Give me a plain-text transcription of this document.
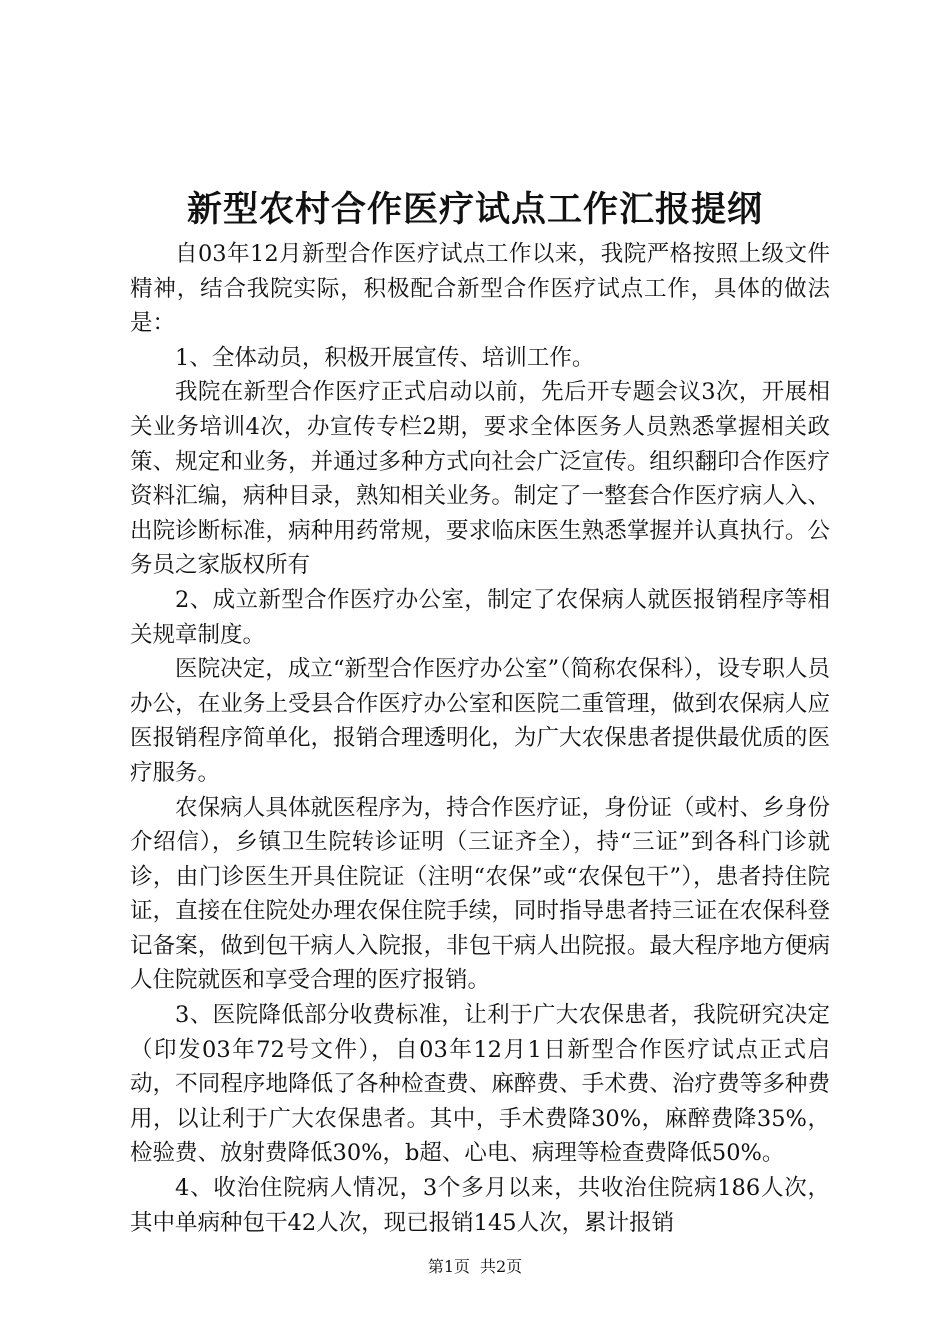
新型农村合作医疗试点工作汇报提纲

自03年12月新型合作医疗试点工作以来，我院严格按照上级文件精神，结合我院实际，积极配合新型合作医疗试点工作，具体的做法是：

1、全体动员，积极开展宣传、培训工作。

我院在新型合作医疗正式启动以前，先后开专题会议3次，开展相关业务培训4次，办宣传专栏2期，要求全体医务人员熟悉掌握相关政策、规定和业务，并通过多种方式向社会广泛宣传。组织翻印合作医疗资料汇编，病种目录，熟知相关业务。制定了一整套合作医疗病人入、出院诊断标准，病种用药常规，要求临床医生熟悉掌握并认真执行。公务员之家版权所有

2、成立新型合作医疗办公室，制定了农保病人就医报销程序等相关规章制度。

医院决定，成立“新型合作医疗办公室”（简称农保科），设专职人员办公，在业务上受县合作医疗办公室和医院二重管理，做到农保病人应医报销程序简单化，报销合理透明化，为广大农保患者提供最优质的医疗服务。

农保病人具体就医程序为，持合作医疗证，身份证（或村、乡身份介绍信），乡镇卫生院转诊证明（三证齐全），持“三证”到各科门诊就诊，由门诊医生开具住院证（注明“农保”或“农保包干”），患者持住院证，直接在住院处办理农保住院手续，同时指导患者持三证在农保科登记备案，做到包干病人入院报，非包干病人出院报。最大程序地方便病人住院就医和享受合理的医疗报销。

3、医院降低部分收费标准，让利于广大农保患者，我院研究决定（印发03年72号文件），自03年12月1日新型合作医疗试点正式启动，不同程序地降低了各种检查费、麻醉费、手术费、治疗费等多种费用，以让利于广大农保患者。其中，手术费降30%，麻醉费降35%，检验费、放射费降低30%，b超、心电、病理等检查费降低50%。

4、收治住院病人情况，3个多月以来，共收治住院病186人次，其中单病种包干42人次，现已报销145人次，累计报销

第1页 共2页
